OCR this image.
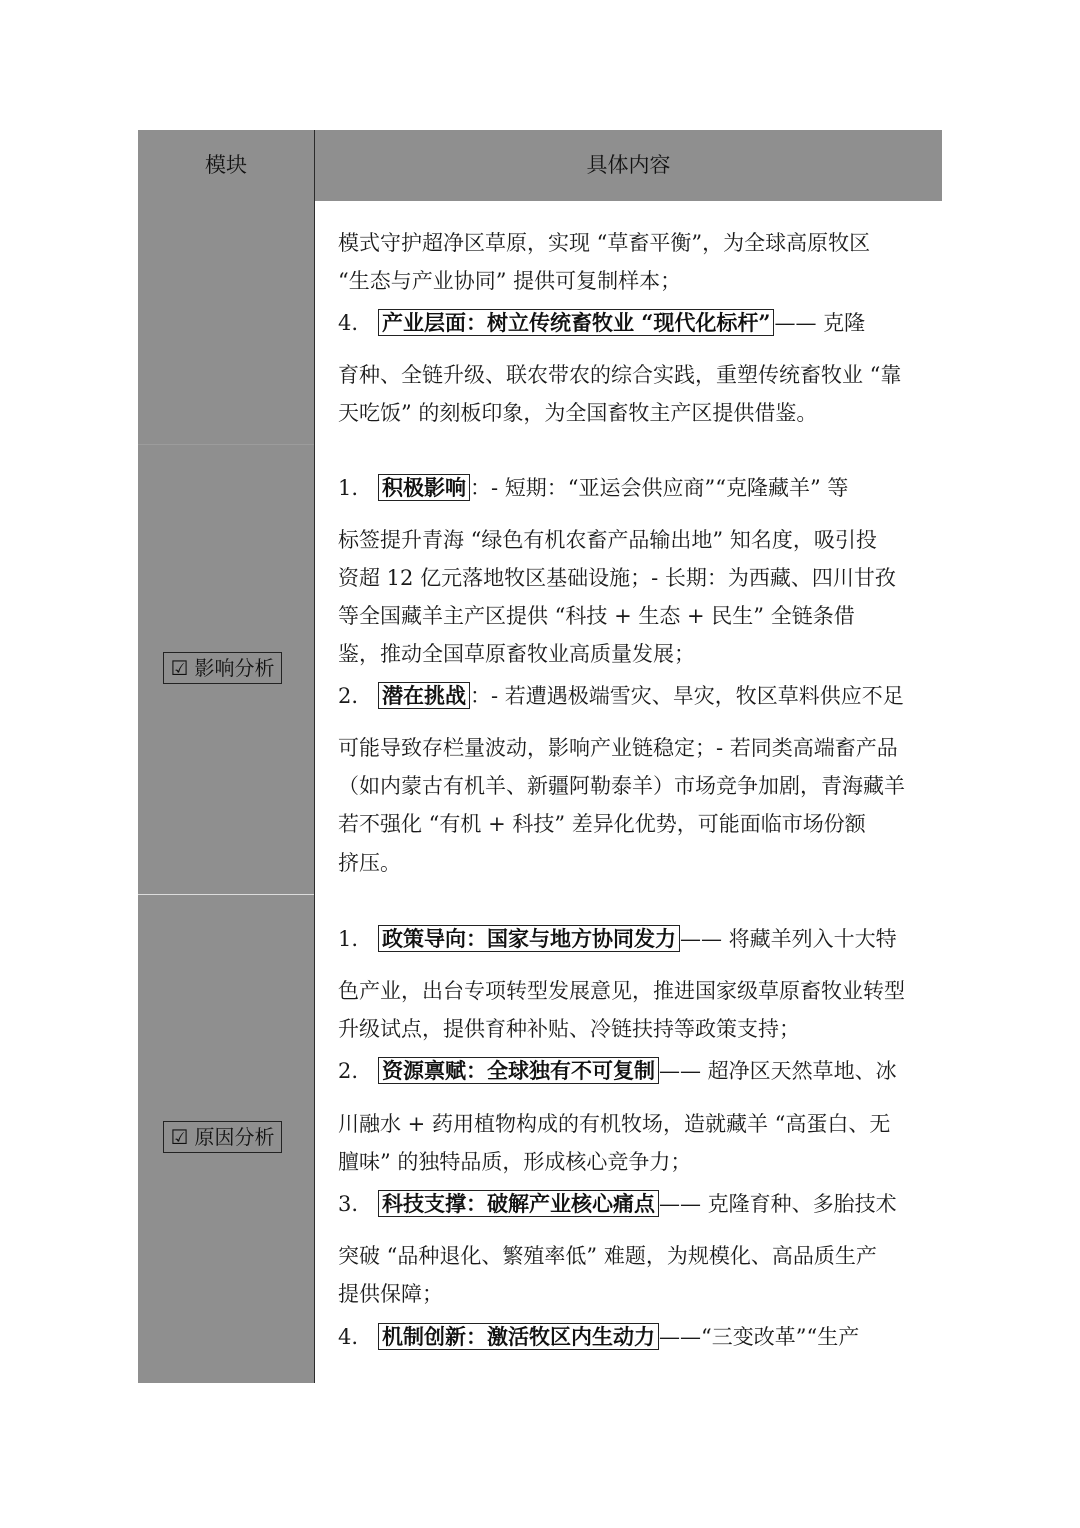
模块	具体内容
☑ 影响分析
☑ 原因分析
模式守护超净区草原，实现 “草畜平衡”，为全球高原牧区
“生态与产业协同” 提供可复制样本；
4. 产业层面：树立传统畜牧业 “现代化标杆” —— 克隆
育种、全链升级、联农带农的综合实践，重塑传统畜牧业 “靠
天吃饭” 的刻板印象，为全国畜牧主产区提供借鉴。
1. 积极影响 ：- 短期：“亚运会供应商”“克隆藏羊” 等
标签提升青海 “绿色有机农畜产品输出地” 知名度，吸引投
资超 12 亿元落地牧区基础设施；- 长期：为西藏、四川甘孜
等全国藏羊主产区提供 “科技 + 生态 + 民生” 全链条借
鉴，推动全国草原畜牧业高质量发展；
2. 潜在挑战 ：- 若遭遇极端雪灾、旱灾，牧区草料供应不足
可能导致存栏量波动，影响产业链稳定；- 若同类高端畜产品
（如内蒙古有机羊、新疆阿勒泰羊）市场竞争加剧，青海藏羊
若不强化 “有机 + 科技” 差异化优势，可能面临市场份额
挤压。
1. 政策导向：国家与地方协同发力 —— 将藏羊列入十大特
色产业，出台专项转型发展意见，推进国家级草原畜牧业转型
升级试点，提供育种补贴、冷链扶持等政策支持；
2. 资源禀赋：全球独有不可复制 —— 超净区天然草地、冰
川融水 + 药用植物构成的有机牧场，造就藏羊 “高蛋白、无
膻味” 的独特品质，形成核心竞争力；
3. 科技支撑：破解产业核心痛点 —— 克隆育种、多胎技术
突破 “品种退化、繁殖率低” 难题，为规模化、高品质生产
提供保障；
4. 机制创新：激活牧区内生动力 ——“三变改革”“生产
